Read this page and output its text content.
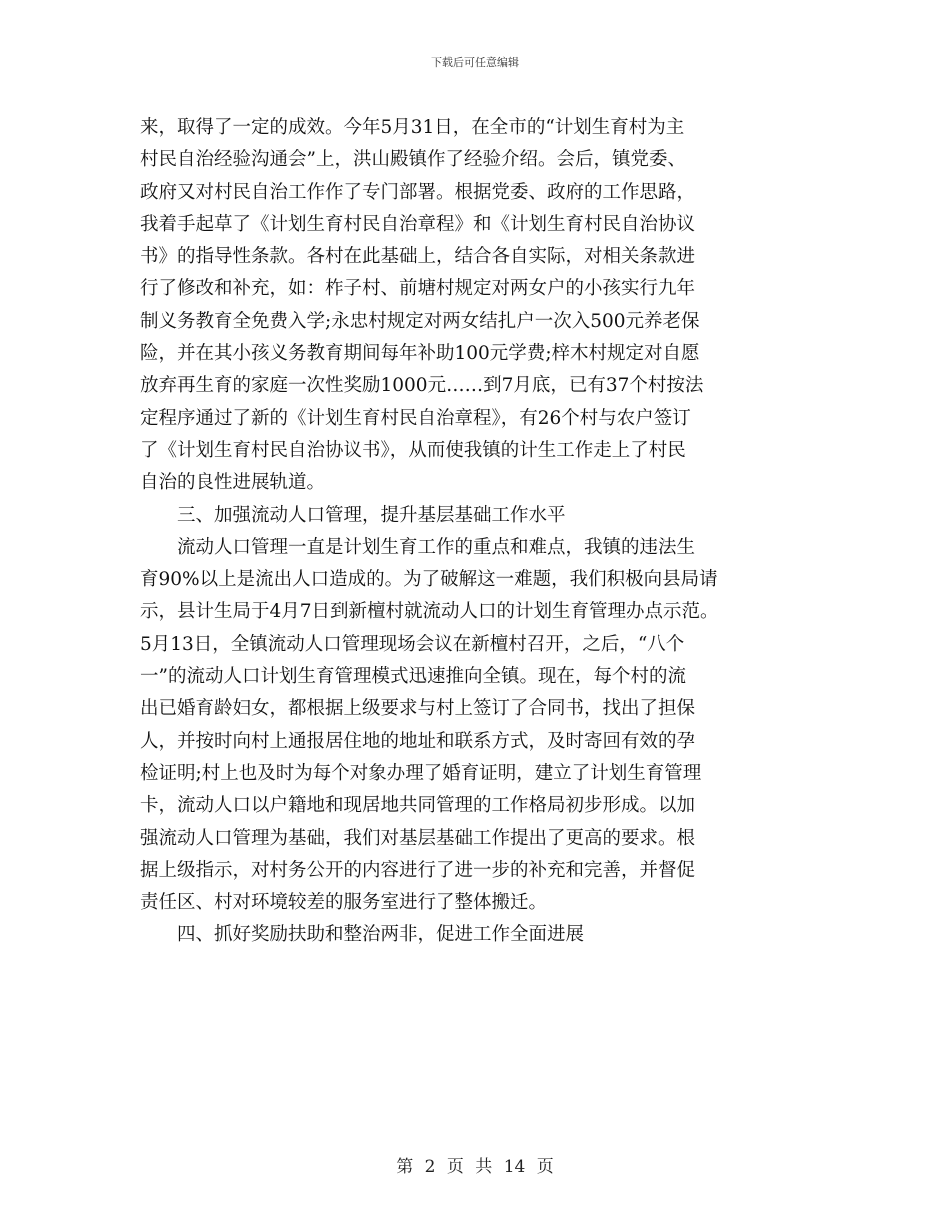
下载后可任意编辑
来，取得了一定的成效。今年5月31日，在全市的“计划生育村为主
村民自治经验沟通会”上，洪山殿镇作了经验介绍。会后，镇党委、
政府又对村民自治工作作了专门部署。根据党委、政府的工作思路，
我着手起草了《计划生育村民自治章程》和《计划生育村民自治协议
书》的指导性条款。各村在此基础上，结合各自实际，对相关条款进
行了修改和补充，如：柞子村、前塘村规定对两女户的小孩实行九年
制义务教育全免费入学;永忠村规定对两女结扎户一次入500元养老保
险，并在其小孩义务教育期间每年补助100元学费;梓木村规定对自愿
放弃再生育的家庭一次性奖励1000元……到7月底，已有37个村按法
定程序通过了新的《计划生育村民自治章程》，有26个村与农户签订
了《计划生育村民自治协议书》，从而使我镇的计生工作走上了村民
自治的良性进展轨道。
　　三、加强流动人口管理，提升基层基础工作水平
　　流动人口管理一直是计划生育工作的重点和难点，我镇的违法生
育90%以上是流出人口造成的。为了破解这一难题，我们积极向县局请
示，县计生局于4月7日到新檀村就流动人口的计划生育管理办点示范。
5月13日，全镇流动人口管理现场会议在新檀村召开，之后，“八个
一”的流动人口计划生育管理模式迅速推向全镇。现在，每个村的流
出已婚育龄妇女，都根据上级要求与村上签订了合同书，找出了担保
人，并按时向村上通报居住地的地址和联系方式，及时寄回有效的孕
检证明;村上也及时为每个对象办理了婚育证明，建立了计划生育管理
卡，流动人口以户籍地和现居地共同管理的工作格局初步形成。以加
强流动人口管理为基础，我们对基层基础工作提出了更高的要求。根
据上级指示，对村务公开的内容进行了进一步的补充和完善，并督促
责任区、村对环境较差的服务室进行了整体搬迁。
　　四、抓好奖励扶助和整治两非，促进工作全面进展
第 2 页 共 14 页
